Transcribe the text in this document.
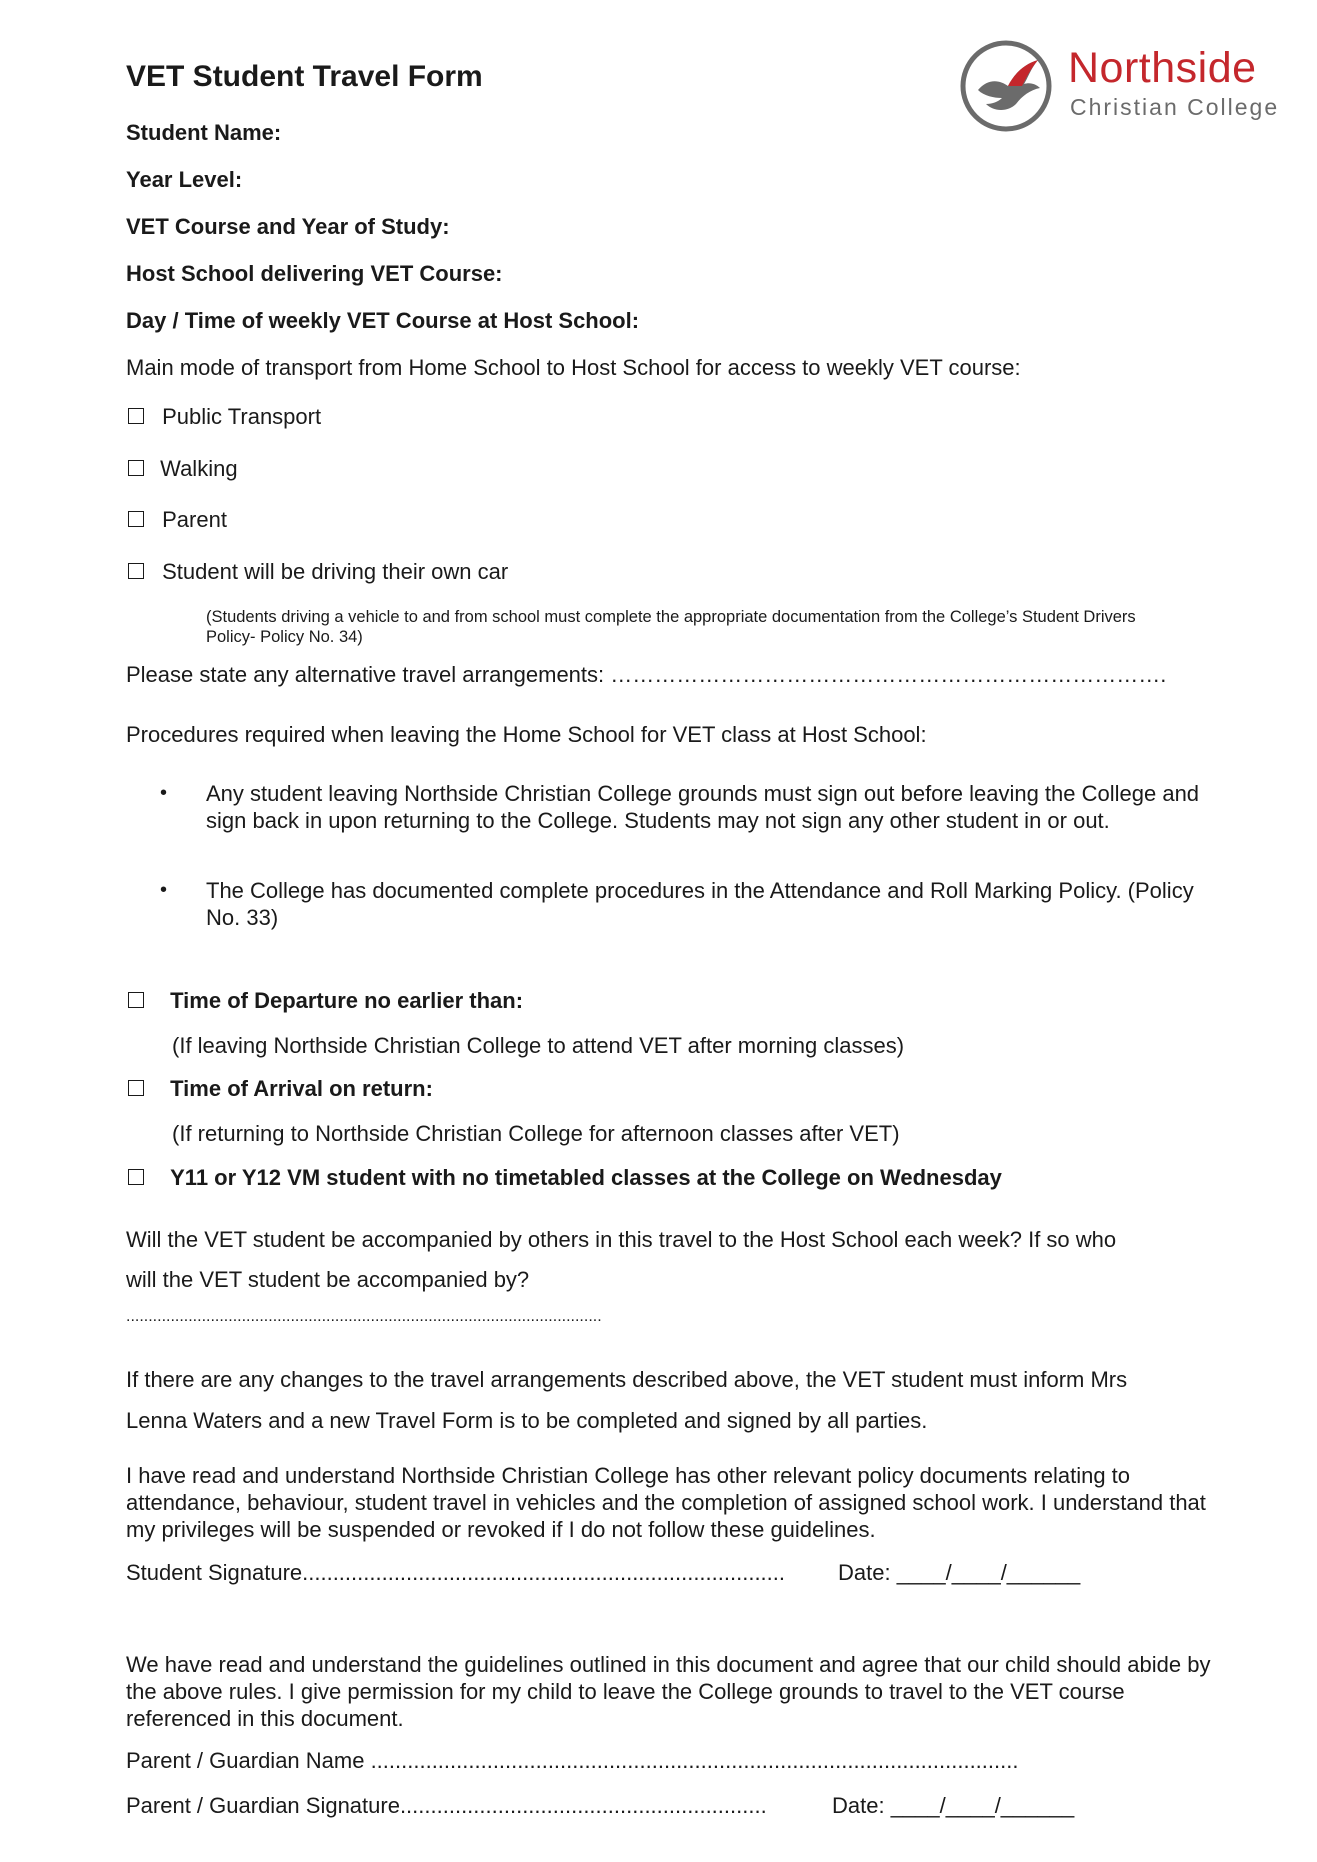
VET Student Travel Form	Northside
Christian College
Student Name:
Year Level:
VET Course and Year of Study:
Host School delivering VET Course:
Day / Time of weekly VET Course at Host School:
Main mode of transport from Home School to Host School for access to weekly VET course:
Public Transport
Walking
Parent
Student will be driving their own car
(Students driving a vehicle to and from school must complete the appropriate documentation from the College’s Student Drivers Policy- Policy No. 34)
Please state any alternative travel arrangements: ………………………………………………………………….
Procedures required when leaving the Home School for VET class at Host School:
• Any student leaving Northside Christian College grounds must sign out before leaving the College and sign back in upon returning to the College. Students may not sign any other student in or out.
• The College has documented complete procedures in the Attendance and Roll Marking Policy. (Policy No. 33)
Time of Departure no earlier than:
(If leaving Northside Christian College to attend VET after morning classes)
Time of Arrival on return:
(If returning to Northside Christian College for afternoon classes after VET)
Y11 or Y12 VM student with no timetabled classes at the College on Wednesday
Will the VET student be accompanied by others in this travel to the Host School each week? If so who
will the VET student be accompanied by?
...........................................................................................................
If there are any changes to the travel arrangements described above, the VET student must inform Mrs
Lenna Waters and a new Travel Form is to be completed and signed by all parties.
I have read and understand Northside Christian College has other relevant policy documents relating to attendance, behaviour, student travel in vehicles and the completion of assigned school work. I understand that my privileges will be suspended or revoked if I do not follow these guidelines.
Student Signature............................................................................... Date: ____/____/______
We have read and understand the guidelines outlined in this document and agree that our child should abide by the above rules. I give permission for my child to leave the College grounds to travel to the VET course referenced in this document.
Parent / Guardian Name ..........................................................................................................
Parent / Guardian Signature............................................................	Date: ____/____/______
